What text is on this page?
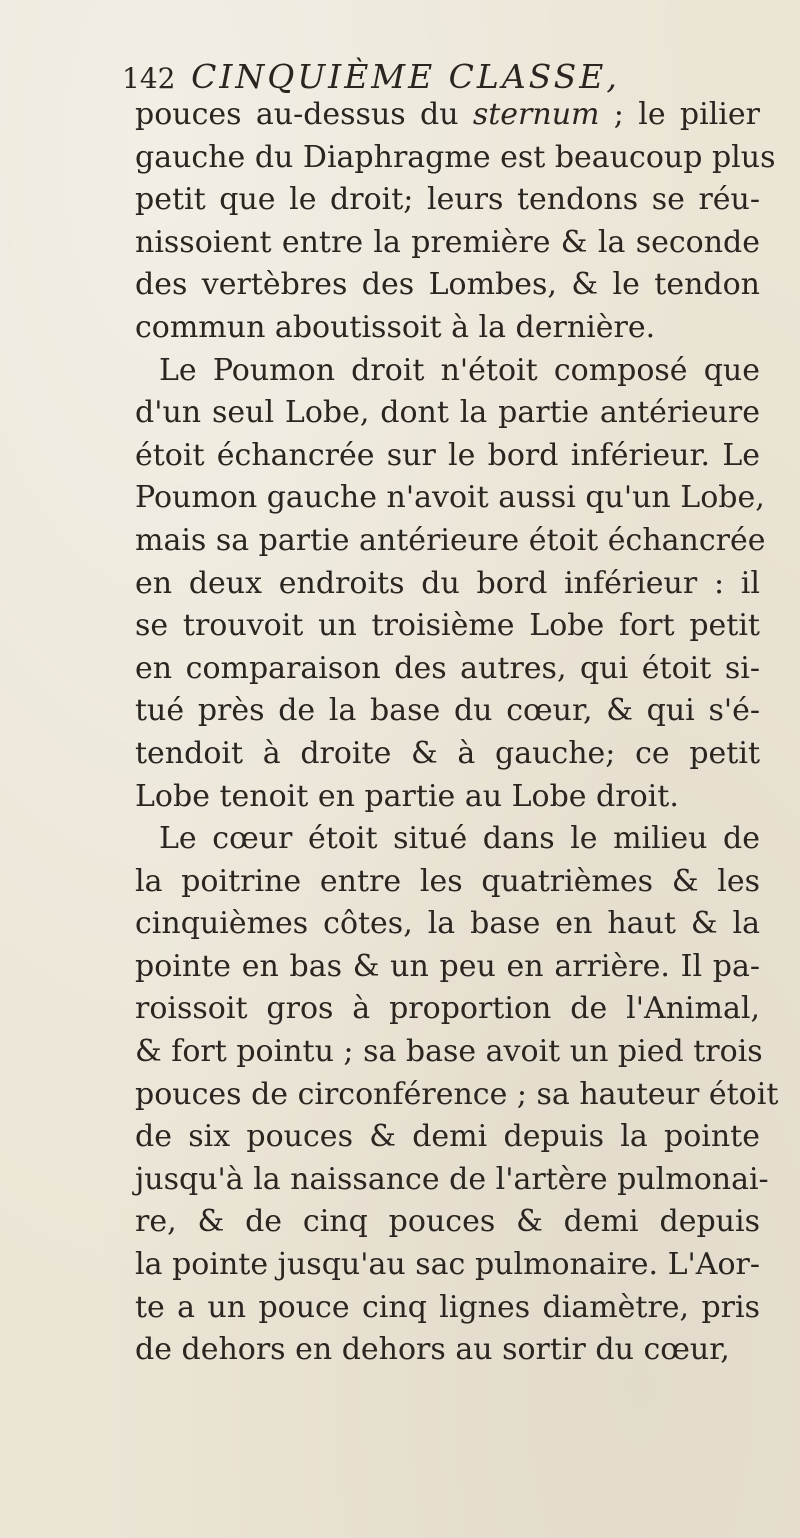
142 CINQUIÈME CLASSE,
pouces au-dessus du sternum ; le pilier
gauche du Diaphragme est beaucoup plus
petit que le droit; leurs tendons se réu-
nissoient entre la première & la seconde
des vertèbres des Lombes, & le tendon
commun aboutissoit à la dernière.
Le Poumon droit n'étoit composé que
d'un seul Lobe, dont la partie antérieure
étoit échancrée sur le bord inférieur. Le
Poumon gauche n'avoit aussi qu'un Lobe,
mais sa partie antérieure étoit échancrée
en deux endroits du bord inférieur : il
se trouvoit un troisième Lobe fort petit
en comparaison des autres, qui étoit si-
tué près de la base du cœur, & qui s'é-
tendoit à droite & à gauche; ce petit
Lobe tenoit en partie au Lobe droit.
Le cœur étoit situé dans le milieu de
la poitrine entre les quatrièmes & les
cinquièmes côtes, la base en haut & la
pointe en bas & un peu en arrière. Il pa-
roissoit gros à proportion de l'Animal,
& fort pointu ; sa base avoit un pied trois
pouces de circonférence ; sa hauteur étoit
de six pouces & demi depuis la pointe
jusqu'à la naissance de l'artère pulmonai-
re, & de cinq pouces & demi depuis
la pointe jusqu'au sac pulmonaire. L'Aor-
te a un pouce cinq lignes diamètre, pris
de dehors en dehors au sortir du cœur,
